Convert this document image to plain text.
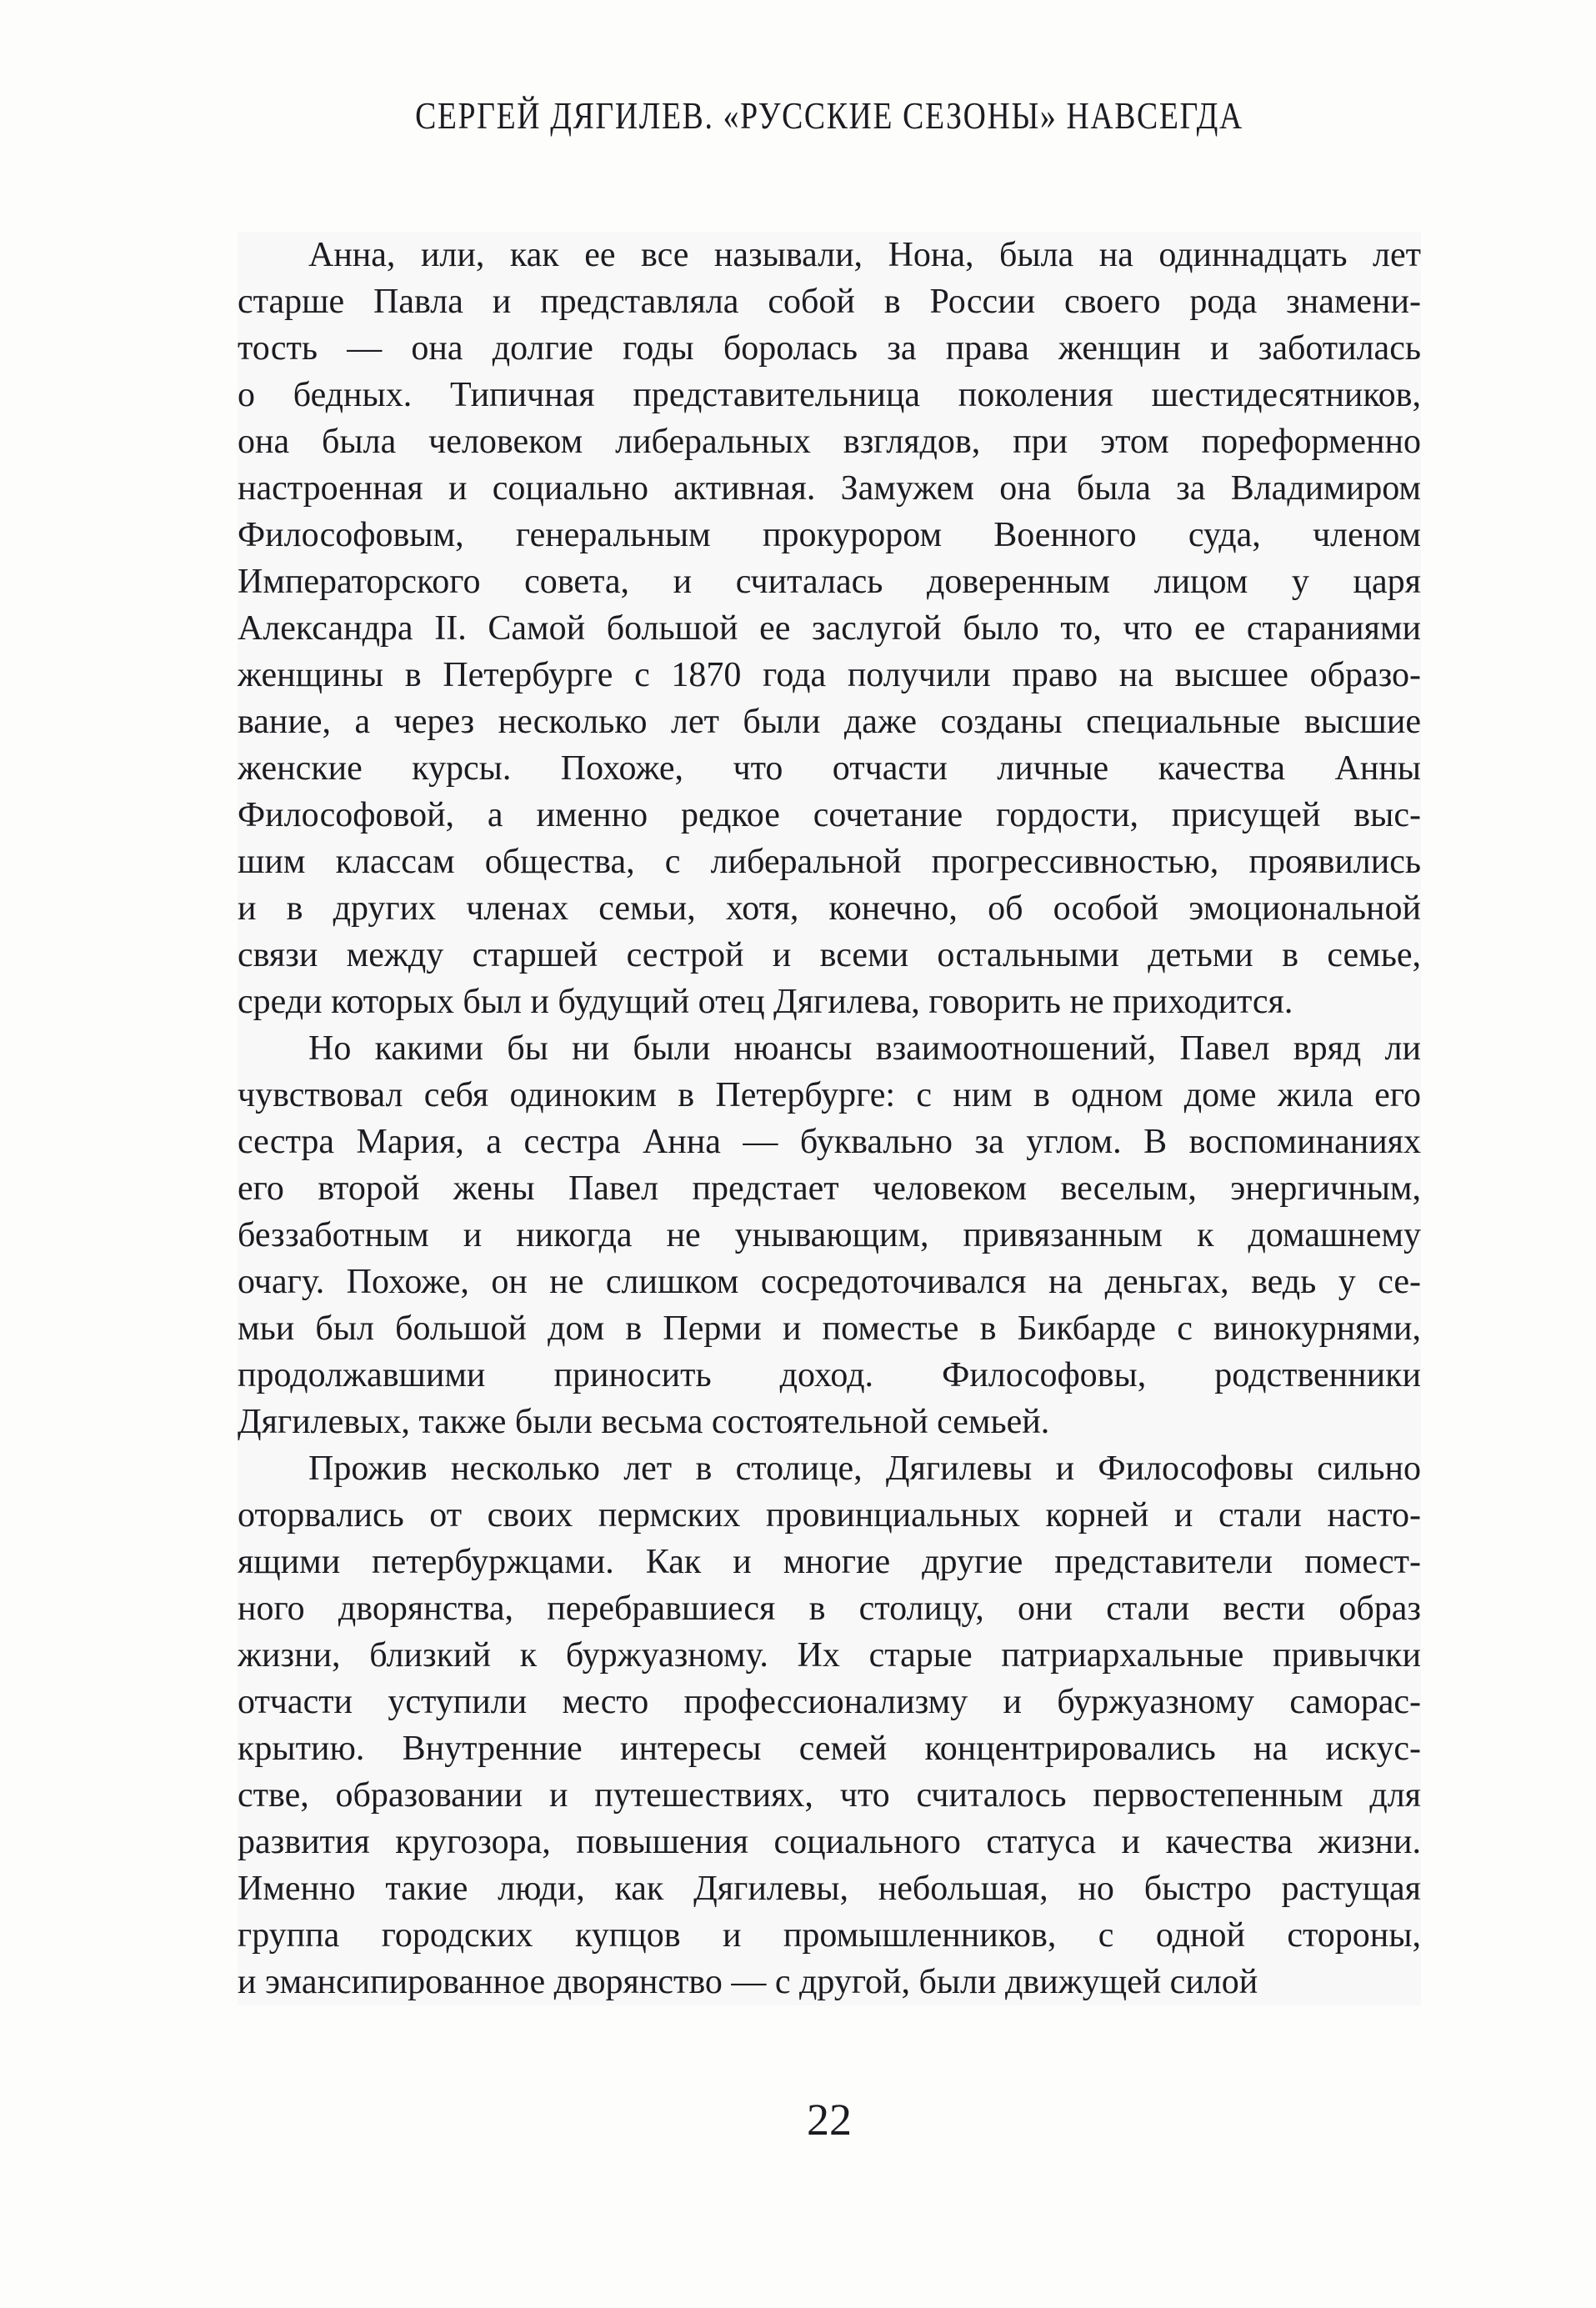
СЕРГЕЙ ДЯГИЛЕВ. «РУССКИЕ СЕЗОНЫ» НАВСЕГДА
Анна, или, как ее все называли, Нона, была на одиннадцать лет
старше Павла и представляла собой в России своего рода знамени-
тость — она долгие годы боролась за права женщин и заботилась
о бедных. Типичная представительница поколения шестидесятников,
она была человеком либеральных взглядов, при этом пореформенно
настроенная и социально активная. Замужем она была за Владимиром
Философовым, генеральным прокурором Военного суда, членом
Императорского совета, и считалась доверенным лицом у царя
Александра II. Самой большой ее заслугой было то, что ее стараниями
женщины в Петербурге с 1870 года получили право на высшее образо-
вание, а через несколько лет были даже созданы специальные высшие
женские курсы. Похоже, что отчасти личные качества Анны
Философовой, а именно редкое сочетание гордости, присущей выс-
шим классам общества, с либеральной прогрессивностью, проявились
и в других членах семьи, хотя, конечно, об особой эмоциональной
связи между старшей сестрой и всеми остальными детьми в семье,
среди которых был и будущий отец Дягилева, говорить не приходится.
Но какими бы ни были нюансы взаимоотношений, Павел вряд ли
чувствовал себя одиноким в Петербурге: с ним в одном доме жила его
сестра Мария, а сестра Анна — буквально за углом. В воспоминаниях
его второй жены Павел предстает человеком веселым, энергичным,
беззаботным и никогда не унывающим, привязанным к домашнему
очагу. Похоже, он не слишком сосредоточивался на деньгах, ведь у се-
мьи был большой дом в Перми и поместье в Бикбарде с винокурнями,
продолжавшими приносить доход. Философовы, родственники
Дягилевых, также были весьма состоятельной семьей.
Прожив несколько лет в столице, Дягилевы и Философовы сильно
оторвались от своих пермских провинциальных корней и стали насто-
ящими петербуржцами. Как и многие другие представители помест-
ного дворянства, перебравшиеся в столицу, они стали вести образ
жизни, близкий к буржуазному. Их старые патриархальные привычки
отчасти уступили место профессионализму и буржуазному саморас-
крытию. Внутренние интересы семей концентрировались на искус-
стве, образовании и путешествиях, что считалось первостепенным для
развития кругозора, повышения социального статуса и качества жизни.
Именно такие люди, как Дягилевы, небольшая, но быстро растущая
группа городских купцов и промышленников, с одной стороны,
и эмансипированное дворянство — с другой, были движущей силой
22
